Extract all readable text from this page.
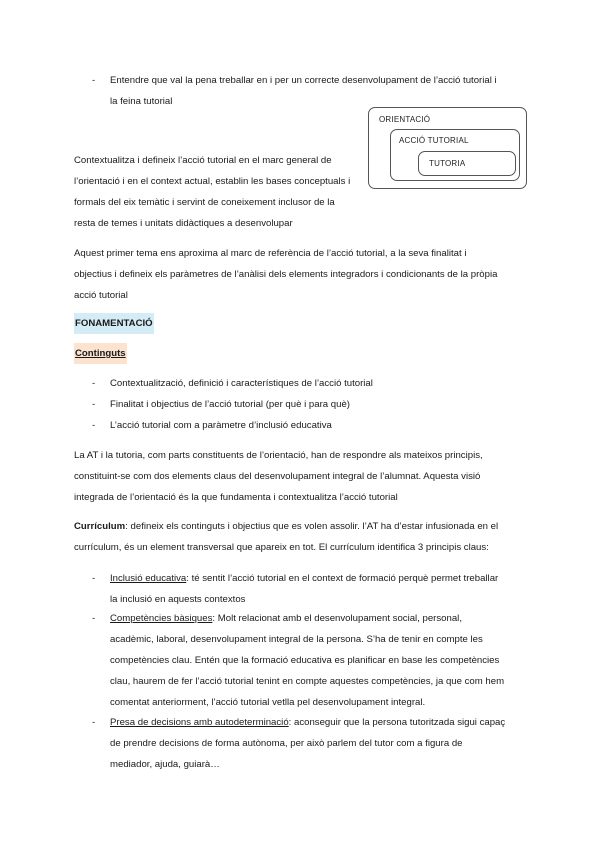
- Entendre que val la pena treballar en i per un correcte desenvolupament de l’acció tutorial i

la feina tutorial

ORIENTACIÓ
ACCIÓ TUTORIAL
TUTORIA

Contextualitza i defineix l’acció tutorial en el marc general de

l’orientació i en el context actual, establin les bases conceptuals i

formals del eix temàtic i servint de coneixement inclusor de la

resta de temes i unitats didàctiques a desenvolupar

Aquest primer tema ens aproxima al marc de referència de l’acció tutorial, a la seva finalitat i

objectius i defineix els paràmetres de l’anàlisi dels elements integradors i condicionants de la pròpia

acció tutorial

FONAMENTACIÓ
Continguts
- Contextualització, definició i característiques de l’acció tutorial

- Finalitat i objectius de l’acció tutorial (per què i para què)

- L’acció tutorial com a paràmetre d’inclusió educativa

La AT i la tutoria, com parts constituents de l’orientació, han de respondre als mateixos principis,

constituint-se com dos elements claus del desenvolupament integral de l’alumnat. Aquesta visió

integrada de l’orientació és la que fundamenta i contextualitza l’acció tutorial

Currículum: defineix els continguts i objectius que es volen assolir. l’AT ha d’estar infusionada en el

currículum, és un element transversal que apareix en tot. El currículum identifica 3 principis claus:

- Inclusió educativa: té sentit l’acció tutorial en el context de formació perquè permet treballar

la inclusió en aquests contextos

- Competències bàsiques: Molt relacionat amb el desenvolupament social, personal,

acadèmic, laboral, desenvolupament integral de la persona. S’ha de tenir en compte les

competències clau. Entén que la formació educativa es planificar en base les competències

clau, haurem de fer l’acció tutorial tenint en compte aquestes competències, ja que com hem

comentat anteriorment, l’acció tutorial vetlla pel desenvolupament integral.

- Presa de decisions amb autodeterminació: aconseguir que la persona tutoritzada sigui capaç

de prendre decisions de forma autònoma, per això parlem del tutor com a figura de

mediador, ajuda, guiarà…
